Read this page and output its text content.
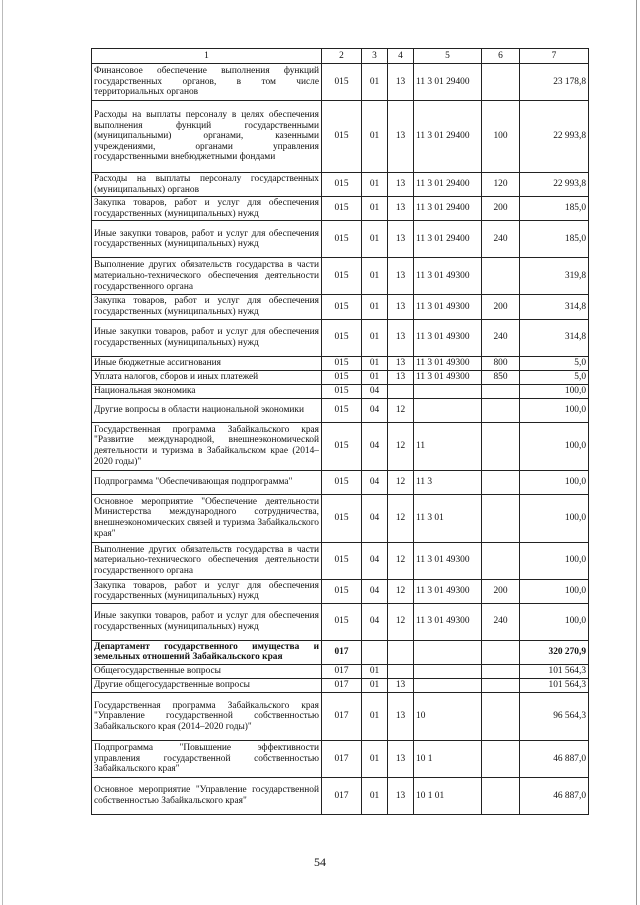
1	2	3	4	5	6	7
Финансовое обеспечение выполнения функций государственных органов, в том числе территориальных органов	015	01	13	11 3 01 29400		23 178,8
Расходы на выплаты персоналу в целях обеспечения выполнения функций государственными (муниципальными) органами, казенными учреждениями, органами управления государственными внебюджетными фондами	015	01	13	11 3 01 29400	100	22 993,8
Расходы на выплаты персоналу государственных (муниципальных) органов	015	01	13	11 3 01 29400	120	22 993,8
Закупка товаров, работ и услуг для обеспечения государственных (муниципальных) нужд	015	01	13	11 3 01 29400	200	185,0
Иные закупки товаров, работ и услуг для обеспечения государственных (муниципальных) нужд	015	01	13	11 3 01 29400	240	185,0
Выполнение других обязательств государства в части материально-технического обеспечения деятельности государственного органа	015	01	13	11 3 01 49300		319,8
Закупка товаров, работ и услуг для обеспечения государственных (муниципальных) нужд	015	01	13	11 3 01 49300	200	314,8
Иные закупки товаров, работ и услуг для обеспечения государственных (муниципальных) нужд	015	01	13	11 3 01 49300	240	314,8
Иные бюджетные ассигнования	015	01	13	11 3 01 49300	800	5,0
Уплата налогов, сборов и иных платежей	015	01	13	11 3 01 49300	850	5,0
Национальная экономика	015	04				100,0
Другие вопросы в области национальной экономики	015	04	12			100,0
Государственная программа Забайкальского края "Развитие международной, внешнеэкономической деятельности и туризма в Забайкальском крае (2014–2020 годы)"	015	04	12	11		100,0
Подпрограмма "Обеспечивающая подпрограмма"	015	04	12	11 3		100,0
Основное мероприятие "Обеспечение деятельности Министерства международного сотрудничества, внешнеэкономических связей и туризма Забайкальского края"	015	04	12	11 3 01		100,0
Выполнение других обязательств государства в части материально-технического обеспечения деятельности государственного органа	015	04	12	11 3 01 49300		100,0
Закупка товаров, работ и услуг для обеспечения государственных (муниципальных) нужд	015	04	12	11 3 01 49300	200	100,0
Иные закупки товаров, работ и услуг для обеспечения государственных (муниципальных) нужд	015	04	12	11 3 01 49300	240	100,0
Департамент государственного имущества и земельных отношений Забайкальского края	017					320 270,9
Общегосударственные вопросы	017	01				101 564,3
Другие общегосударственные вопросы	017	01	13			101 564,3
Государственная программа Забайкальского края "Управление государственной собственностью Забайкальского края (2014–2020 годы)"	017	01	13	10		96 564,3
Подпрограмма "Повышение эффективности управления государственной собственностью Забайкальского края"	017	01	13	10 1		46 887,0
Основное мероприятие "Управление государственной собственностью Забайкальского края"	017	01	13	10 1 01		46 887,0
54
